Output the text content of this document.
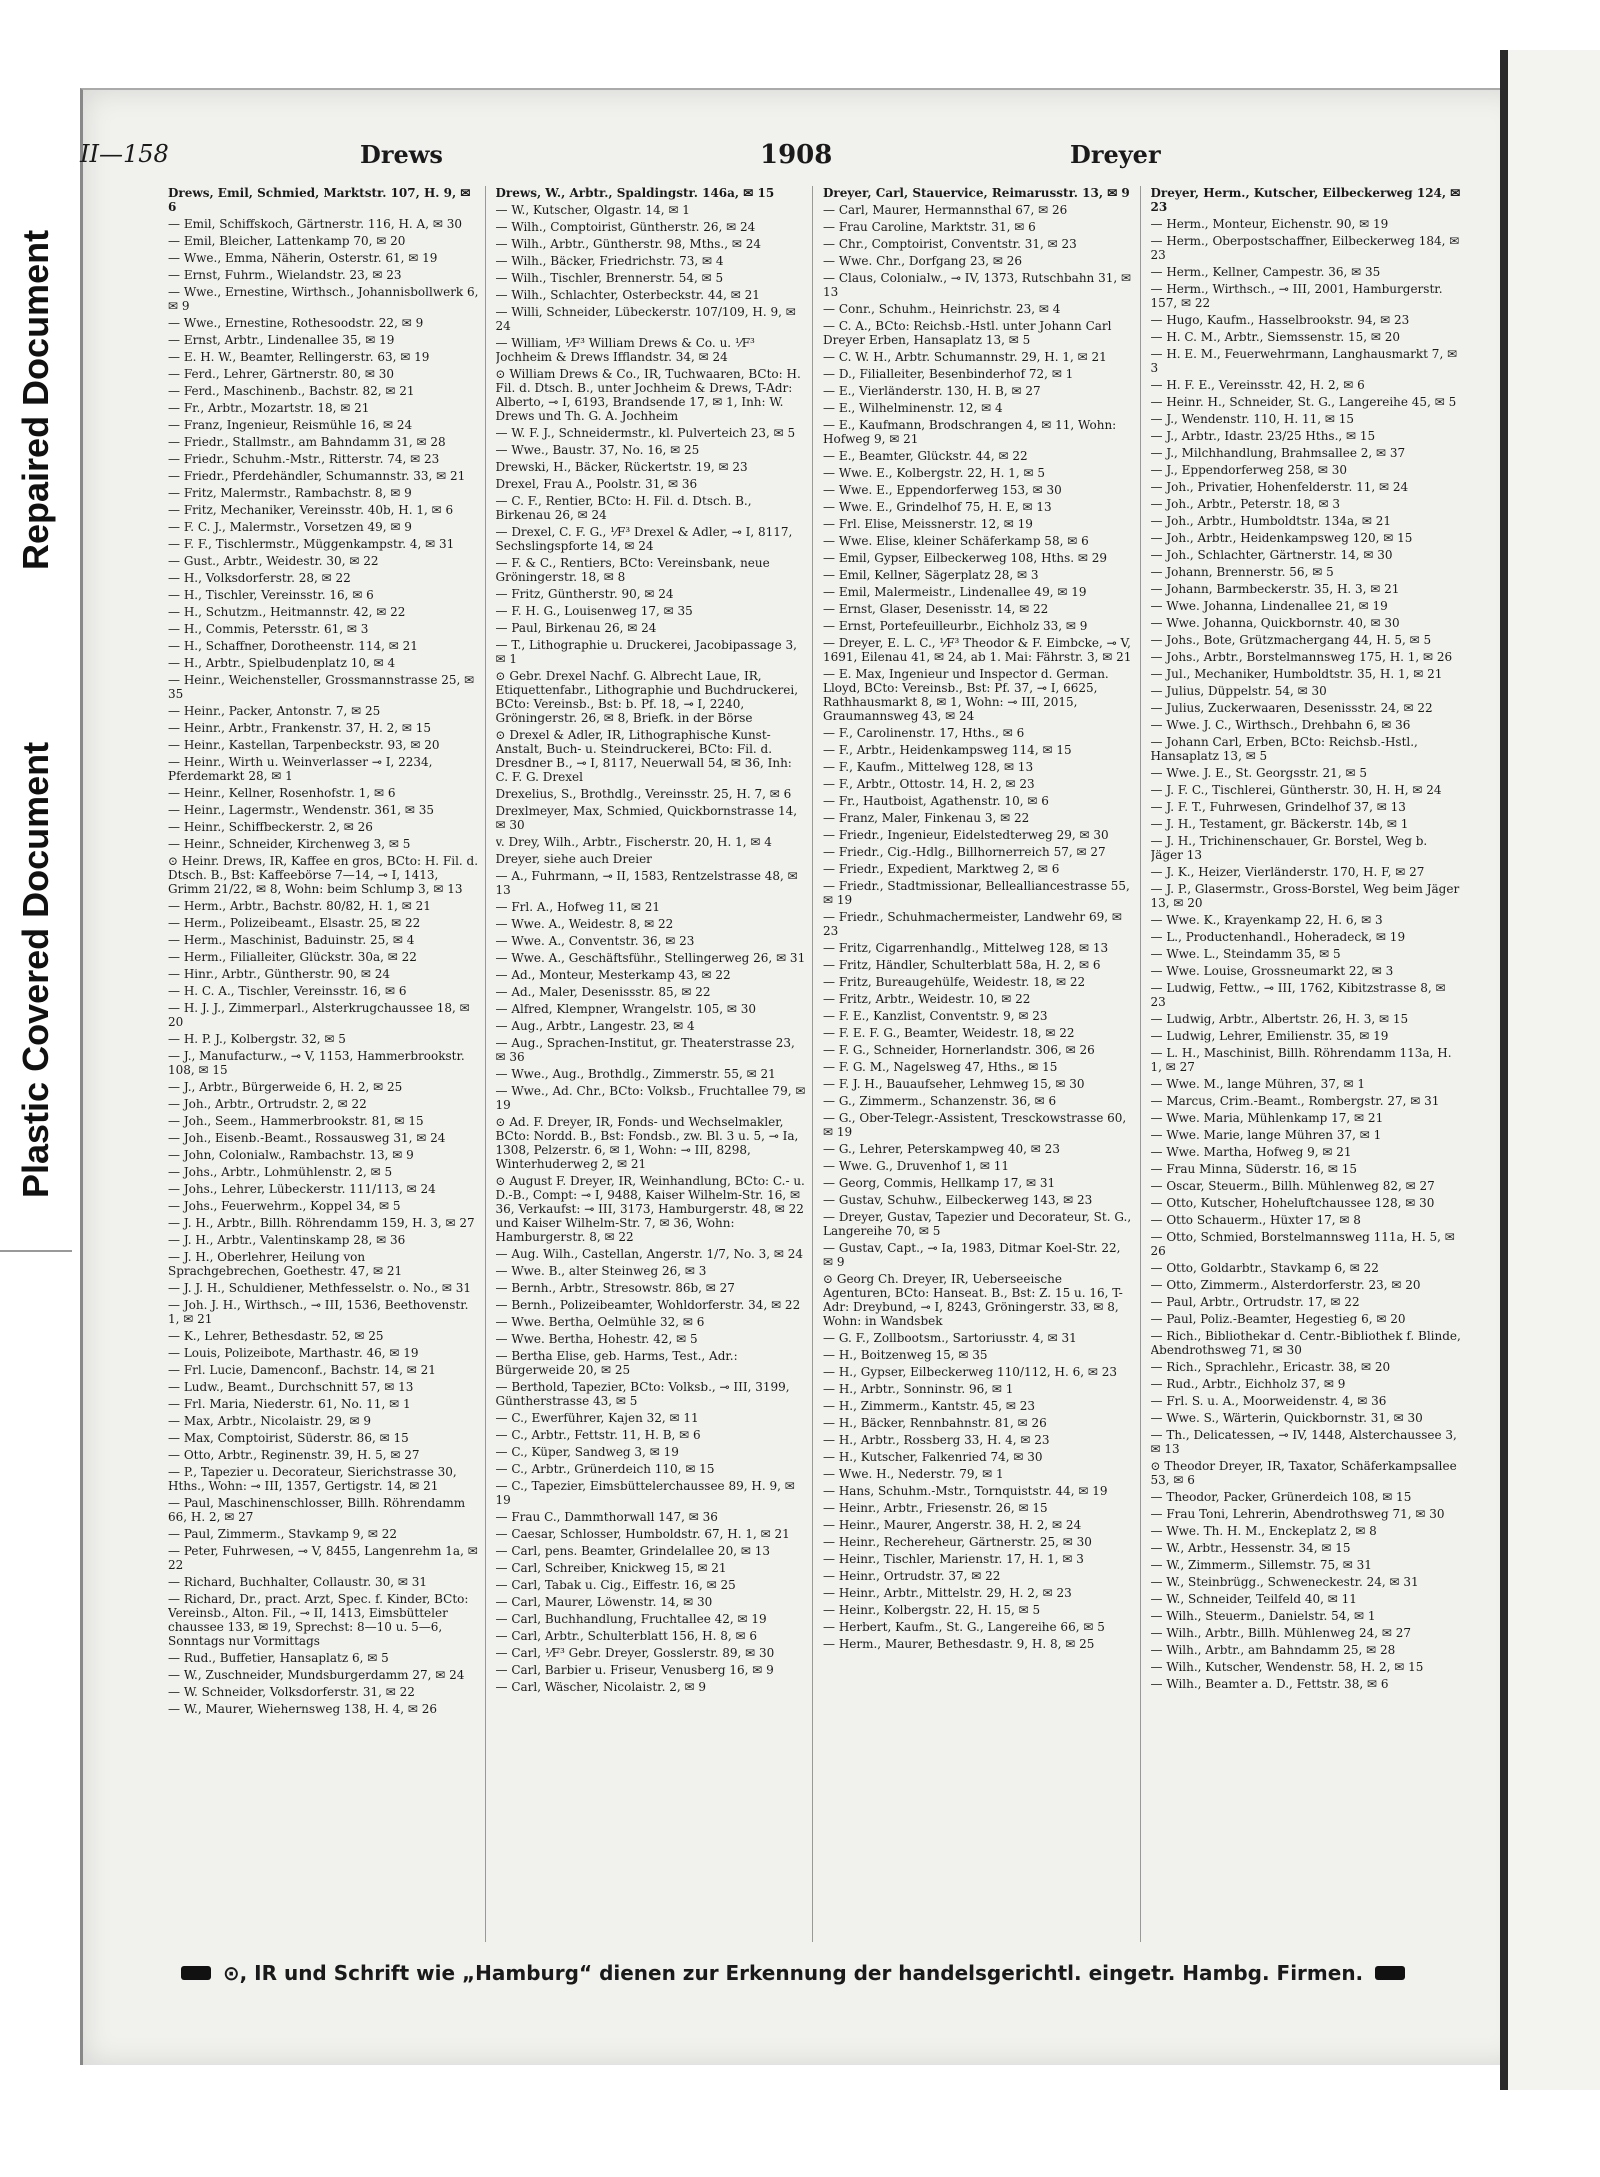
Repaired Document
Plastic Covered Document
II—158	Drews	1908	Dreyer
Drews, Emil, Schmied, Marktstr. 107, H. 9, ✉ 6
— Emil, Schiffskoch, Gärtnerstr. 116, H. A, ✉ 30
— Emil, Bleicher, Lattenkamp 70, ✉ 20
— Wwe., Emma, Näherin, Osterstr. 61, ✉ 19
— Ernst, Fuhrm., Wielandstr. 23, ✉ 23
— Wwe., Ernestine, Wirthsch., Johannisbollwerk 6, ✉ 9
— Wwe., Ernestine, Rothesoodstr. 22, ✉ 9
— Ernst, Arbtr., Lindenallee 35, ✉ 19
— E. H. W., Beamter, Rellingerstr. 63, ✉ 19
— Ferd., Lehrer, Gärtnerstr. 80, ✉ 30
— Ferd., Maschinenb., Bachstr. 82, ✉ 21
— Fr., Arbtr., Mozartstr. 18, ✉ 21
— Franz, Ingenieur, Reismühle 16, ✉ 24
— Friedr., Stallmstr., am Bahndamm 31, ✉ 28
— Friedr., Schuhm.-Mstr., Ritterstr. 74, ✉ 23
— Friedr., Pferdehändler, Schumannstr. 33, ✉ 21
— Fritz, Malermstr., Rambachstr. 8, ✉ 9
— Fritz, Mechaniker, Vereinsstr. 40b, H. 1, ✉ 6
— F. C. J., Malermstr., Vorsetzen 49, ✉ 9
— F. F., Tischlermstr., Müggenkampstr. 4, ✉ 31
— Gust., Arbtr., Weidestr. 30, ✉ 22
— H., Volksdorferstr. 28, ✉ 22
— H., Tischler, Vereinsstr. 16, ✉ 6
— H., Schutzm., Heitmannstr. 42, ✉ 22
— H., Commis, Petersstr. 61, ✉ 3
— H., Schaffner, Dorotheenstr. 114, ✉ 21
— H., Arbtr., Spielbudenplatz 10, ✉ 4
— Heinr., Weichensteller, Grossmannstrasse 25, ✉ 35
— Heinr., Packer, Antonstr. 7, ✉ 25
— Heinr., Arbtr., Frankenstr. 37, H. 2, ✉ 15
— Heinr., Kastellan, Tarpenbeckstr. 93, ✉ 20
— Heinr., Wirth u. Weinverlasser ⊸ I, 2234, Pferdemarkt 28, ✉ 1
— Heinr., Kellner, Rosenhofstr. 1, ✉ 6
— Heinr., Lagermstr., Wendenstr. 361, ✉ 35
— Heinr., Schiffbeckerstr. 2, ✉ 26
— Heinr., Schneider, Kirchenweg 3, ✉ 5
⊙ Heinr. Drews, IR, Kaffee en gros, BCto: H. Fil. d. Dtsch. B., Bst: Kaffeebörse 7—14, ⊸ I, 1413, Grimm 21/22, ✉ 8, Wohn: beim Schlump 3, ✉ 13
— Herm., Arbtr., Bachstr. 80/82, H. 1, ✉ 21
— Herm., Polizeibeamt., Elsastr. 25, ✉ 22
— Herm., Maschinist, Baduinstr. 25, ✉ 4
— Herm., Filialleiter, Glückstr. 30a, ✉ 22
— Hinr., Arbtr., Güntherstr. 90, ✉ 24
— H. C. A., Tischler, Vereinsstr. 16, ✉ 6
— H. J. J., Zimmerparl., Alsterkrugchaussee 18, ✉ 20
— H. P. J., Kolbergstr. 32, ✉ 5
— J., Manufacturw., ⊸ V, 1153, Hammerbrookstr. 108, ✉ 15
— J., Arbtr., Bürgerweide 6, H. 2, ✉ 25
— Joh., Arbtr., Ortrudstr. 2, ✉ 22
— Joh., Seem., Hammerbrookstr. 81, ✉ 15
— Joh., Eisenb.-Beamt., Rossausweg 31, ✉ 24
— John, Colonialw., Rambachstr. 13, ✉ 9
— Johs., Arbtr., Lohmühlenstr. 2, ✉ 5
— Johs., Lehrer, Lübeckerstr. 111/113, ✉ 24
— Johs., Feuerwehrm., Koppel 34, ✉ 5
— J. H., Arbtr., Billh. Röhrendamm 159, H. 3, ✉ 27
— J. H., Arbtr., Valentinskamp 28, ✉ 36
— J. H., Oberlehrer, Heilung von Sprachgebrechen, Goethestr. 47, ✉ 21
— J. J. H., Schuldiener, Methfesselstr. o. No., ✉ 31
— Joh. J. H., Wirthsch., ⊸ III, 1536, Beethovenstr. 1, ✉ 21
— K., Lehrer, Bethesdastr. 52, ✉ 25
— Louis, Polizeibote, Marthastr. 46, ✉ 19
— Frl. Lucie, Damenconf., Bachstr. 14, ✉ 21
— Ludw., Beamt., Durchschnitt 57, ✉ 13
— Frl. Maria, Niederstr. 61, No. 11, ✉ 1
— Max, Arbtr., Nicolaistr. 29, ✉ 9
— Max, Comptoirist, Süderstr. 86, ✉ 15
— Otto, Arbtr., Reginenstr. 39, H. 5, ✉ 27
— P., Tapezier u. Decorateur, Sierichstrasse 30, Hths., Wohn: ⊸ III, 1357, Gertigstr. 14, ✉ 21
— Paul, Maschinenschlosser, Billh. Röhrendamm 66, H. 2, ✉ 27
— Paul, Zimmerm., Stavkamp 9, ✉ 22
— Peter, Fuhrwesen, ⊸ V, 8455, Langenrehm 1a, ✉ 22
— Richard, Buchhalter, Collaustr. 30, ✉ 31
— Richard, Dr., pract. Arzt, Spec. f. Kinder, BCto: Vereinsb., Alton. Fil., ⊸ II, 1413, Eimsbütteler chaussee 133, ✉ 19, Sprechst: 8—10 u. 5—6, Sonntags nur Vormittags
— Rud., Buffetier, Hansaplatz 6, ✉ 5
— W., Zuschneider, Mundsburgerdamm 27, ✉ 24
— W. Schneider, Volksdorferstr. 31, ✉ 22
— W., Maurer, Wiehernsweg 138, H. 4, ✉ 26
Drews, W., Arbtr., Spaldingstr. 146a, ✉ 15
— W., Kutscher, Olgastr. 14, ✉ 1
— Wilh., Comptoirist, Güntherstr. 26, ✉ 24
— Wilh., Arbtr., Güntherstr. 98, Mths., ✉ 24
— Wilh., Bäcker, Friedrichstr. 73, ✉ 4
— Wilh., Tischler, Brennerstr. 54, ✉ 5
— Wilh., Schlachter, Osterbeckstr. 44, ✉ 21
— Willi, Schneider, Lübeckerstr. 107/109, H. 9, ✉ 24
— William, ⅟F³ William Drews & Co. u. ⅟F³ Jochheim & Drews Ifflandstr. 34, ✉ 24
⊙ William Drews & Co., IR, Tuchwaaren, BCto: H. Fil. d. Dtsch. B., unter Jochheim & Drews, T-Adr: Alberto, ⊸ I, 6193, Brandsende 17, ✉ 1, Inh: W. Drews und Th. G. A. Jochheim
— W. F. J., Schneidermstr., kl. Pulverteich 23, ✉ 5
— Wwe., Baustr. 37, No. 16, ✉ 25
Drewski, H., Bäcker, Rückertstr. 19, ✉ 23
Drexel, Frau A., Poolstr. 31, ✉ 36
— C. F., Rentier, BCto: H. Fil. d. Dtsch. B., Birkenau 26, ✉ 24
— Drexel, C. F. G., ⅟F³ Drexel & Adler, ⊸ I, 8117, Sechslingspforte 14, ✉ 24
— F. & C., Rentiers, BCto: Vereinsbank, neue Gröningerstr. 18, ✉ 8
— Fritz, Güntherstr. 90, ✉ 24
— F. H. G., Louisenweg 17, ✉ 35
— Paul, Birkenau 26, ✉ 24
— T., Lithographie u. Druckerei, Jacobipassage 3, ✉ 1
⊙ Gebr. Drexel Nachf. G. Albrecht Laue, IR, Etiquettenfabr., Lithographie und Buchdruckerei, BCto: Vereinsb., Bst: b. Pf. 18, ⊸ I, 2240, Gröningerstr. 26, ✉ 8, Briefk. in der Börse
⊙ Drexel & Adler, IR, Lithographische Kunst-Anstalt, Buch- u. Steindruckerei, BCto: Fil. d. Dresdner B., ⊸ I, 8117, Neuerwall 54, ✉ 36, Inh: C. F. G. Drexel
Drexelius, S., Brothdlg., Vereinsstr. 25, H. 7, ✉ 6
Drexlmeyer, Max, Schmied, Quickbornstrasse 14, ✉ 30
v. Drey, Wilh., Arbtr., Fischerstr. 20, H. 1, ✉ 4
Dreyer, siehe auch Dreier
— A., Fuhrmann, ⊸ II, 1583, Rentzelstrasse 48, ✉ 13
— Frl. A., Hofweg 11, ✉ 21
— Wwe. A., Weidestr. 8, ✉ 22
— Wwe. A., Conventstr. 36, ✉ 23
— Wwe. A., Geschäftsführ., Stellingerweg 26, ✉ 31
— Ad., Monteur, Mesterkamp 43, ✉ 22
— Ad., Maler, Desenissstr. 85, ✉ 22
— Alfred, Klempner, Wrangelstr. 105, ✉ 30
— Aug., Arbtr., Langestr. 23, ✉ 4
— Aug., Sprachen-Institut, gr. Theaterstrasse 23, ✉ 36
— Wwe., Aug., Brothdlg., Zimmerstr. 55, ✉ 21
— Wwe., Ad. Chr., BCto: Volksb., Fruchtallee 79, ✉ 19
⊙ Ad. F. Dreyer, IR, Fonds- und Wechselmakler, BCto: Nordd. B., Bst: Fondsb., zw. Bl. 3 u. 5, ⊸ Ia, 1308, Pelzerstr. 6, ✉ 1, Wohn: ⊸ III, 8298, Winterhuderweg 2, ✉ 21
⊙ August F. Dreyer, IR, Weinhandlung, BCto: C.- u. D.-B., Compt: ⊸ I, 9488, Kaiser Wilhelm-Str. 16, ✉ 36, Verkaufst: ⊸ III, 3173, Hamburgerstr. 48, ✉ 22 und Kaiser Wilhelm-Str. 7, ✉ 36, Wohn: Hamburgerstr. 8, ✉ 22
— Aug. Wilh., Castellan, Angerstr. 1/7, No. 3, ✉ 24
— Wwe. B., alter Steinweg 26, ✉ 3
— Bernh., Arbtr., Stresowstr. 86b, ✉ 27
— Bernh., Polizeibeamter, Wohldorferstr. 34, ✉ 22
— Wwe. Bertha, Oelmühle 32, ✉ 6
— Wwe. Bertha, Hohestr. 42, ✉ 5
— Bertha Elise, geb. Harms, Test., Adr.: Bürgerweide 20, ✉ 25
— Berthold, Tapezier, BCto: Volksb., ⊸ III, 3199, Güntherstrasse 43, ✉ 5
— C., Ewerführer, Kajen 32, ✉ 11
— C., Arbtr., Fettstr. 11, H. B, ✉ 6
— C., Küper, Sandweg 3, ✉ 19
— C., Arbtr., Grünerdeich 110, ✉ 15
— C., Tapezier, Eimsbüttelerchaussee 89, H. 9, ✉ 19
— Frau C., Dammthorwall 147, ✉ 36
— Caesar, Schlosser, Humboldstr. 67, H. 1, ✉ 21
— Carl, pens. Beamter, Grindelallee 20, ✉ 13
— Carl, Schreiber, Knickweg 15, ✉ 21
— Carl, Tabak u. Cig., Eiffestr. 16, ✉ 25
— Carl, Maurer, Löwenstr. 14, ✉ 30
— Carl, Buchhandlung, Fruchtallee 42, ✉ 19
— Carl, Arbtr., Schulterblatt 156, H. 8, ✉ 6
— Carl, ⅟F³ Gebr. Dreyer, Gosslerstr. 89, ✉ 30
— Carl, Barbier u. Friseur, Venusberg 16, ✉ 9
— Carl, Wäscher, Nicolaistr. 2, ✉ 9
Dreyer, Carl, Stauervice, Reimarusstr. 13, ✉ 9
— Carl, Maurer, Hermannsthal 67, ✉ 26
— Frau Caroline, Marktstr. 31, ✉ 6
— Chr., Comptoirist, Conventstr. 31, ✉ 23
— Wwe. Chr., Dorfgang 23, ✉ 26
— Claus, Colonialw., ⊸ IV, 1373, Rutschbahn 31, ✉ 13
— Conr., Schuhm., Heinrichstr. 23, ✉ 4
— C. A., BCto: Reichsb.-Hstl. unter Johann Carl Dreyer Erben, Hansaplatz 13, ✉ 5
— C. W. H., Arbtr. Schumannstr. 29, H. 1, ✉ 21
— D., Filialleiter, Besenbinderhof 72, ✉ 1
— E., Vierländerstr. 130, H. B, ✉ 27
— E., Wilhelminenstr. 12, ✉ 4
— E., Kaufmann, Brodschrangen 4, ✉ 11, Wohn: Hofweg 9, ✉ 21
— E., Beamter, Glückstr. 44, ✉ 22
— Wwe. E., Kolbergstr. 22, H. 1, ✉ 5
— Wwe. E., Eppendorferweg 153, ✉ 30
— Wwe. E., Grindelhof 75, H. E, ✉ 13
— Frl. Elise, Meissnerstr. 12, ✉ 19
— Wwe. Elise, kleiner Schäferkamp 58, ✉ 6
— Emil, Gypser, Eilbeckerweg 108, Hths. ✉ 29
— Emil, Kellner, Sägerplatz 28, ✉ 3
— Emil, Malermeistr., Lindenallee 49, ✉ 19
— Ernst, Glaser, Desenisstr. 14, ✉ 22
— Ernst, Portefeuilleurbr., Eichholz 33, ✉ 9
— Dreyer, E. L. C., ⅟F³ Theodor & F. Eimbcke, ⊸ V, 1691, Eilenau 41, ✉ 24, ab 1. Mai: Fährstr. 3, ✉ 21
— E. Max, Ingenieur und Inspector d. German. Lloyd, BCto: Vereinsb., Bst: Pf. 37, ⊸ I, 6625, Rathhausmarkt 8, ✉ 1, Wohn: ⊸ III, 2015, Graumannsweg 43, ✉ 24
— F., Carolinenstr. 17, Hths., ✉ 6
— F., Arbtr., Heidenkampsweg 114, ✉ 15
— F., Kaufm., Mittelweg 128, ✉ 13
— F., Arbtr., Ottostr. 14, H. 2, ✉ 23
— Fr., Hautboist, Agathenstr. 10, ✉ 6
— Franz, Maler, Finkenau 3, ✉ 22
— Friedr., Ingenieur, Eidelstedterweg 29, ✉ 30
— Friedr., Cig.-Hdlg., Billhornerreich 57, ✉ 27
— Friedr., Expedient, Marktweg 2, ✉ 6
— Friedr., Stadtmissionar, Bellealliancestrasse 55, ✉ 19
— Friedr., Schuhmachermeister, Landwehr 69, ✉ 23
— Fritz, Cigarrenhandlg., Mittelweg 128, ✉ 13
— Fritz, Händler, Schulterblatt 58a, H. 2, ✉ 6
— Fritz, Bureaugehülfe, Weidestr. 18, ✉ 22
— Fritz, Arbtr., Weidestr. 10, ✉ 22
— F. E., Kanzlist, Conventstr. 9, ✉ 23
— F. E. F. G., Beamter, Weidestr. 18, ✉ 22
— F. G., Schneider, Hornerlandstr. 306, ✉ 26
— F. G. M., Nagelsweg 47, Hths., ✉ 15
— F. J. H., Bauaufseher, Lehmweg 15, ✉ 30
— G., Zimmerm., Schanzenstr. 36, ✉ 6
— G., Ober-Telegr.-Assistent, Tresckowstrasse 60, ✉ 19
— G., Lehrer, Peterskampweg 40, ✉ 23
— Wwe. G., Druvenhof 1, ✉ 11
— Georg, Commis, Hellkamp 17, ✉ 31
— Gustav, Schuhw., Eilbeckerweg 143, ✉ 23
— Dreyer, Gustav, Tapezier und Decorateur, St. G., Langereihe 70, ✉ 5
— Gustav, Capt., ⊸ Ia, 1983, Ditmar Koel-Str. 22, ✉ 9
⊙ Georg Ch. Dreyer, IR, Ueberseeische Agenturen, BCto: Hanseat. B., Bst: Z. 15 u. 16, T-Adr: Dreybund, ⊸ I, 8243, Gröningerstr. 33, ✉ 8, Wohn: in Wandsbek
— G. F., Zollbootsm., Sartoriusstr. 4, ✉ 31
— H., Boitzenweg 15, ✉ 35
— H., Gypser, Eilbeckerweg 110/112, H. 6, ✉ 23
— H., Arbtr., Sonninstr. 96, ✉ 1
— H., Zimmerm., Kantstr. 45, ✉ 23
— H., Bäcker, Rennbahnstr. 81, ✉ 26
— H., Arbtr., Rossberg 33, H. 4, ✉ 23
— H., Kutscher, Falkenried 74, ✉ 30
— Wwe. H., Nederstr. 79, ✉ 1
— Hans, Schuhm.-Mstr., Tornquiststr. 44, ✉ 19
— Heinr., Arbtr., Friesenstr. 26, ✉ 15
— Heinr., Maurer, Angerstr. 38, H. 2, ✉ 24
— Heinr., Rechereheur, Gärtnerstr. 25, ✉ 30
— Heinr., Tischler, Marienstr. 17, H. 1, ✉ 3
— Heinr., Ortrudstr. 37, ✉ 22
— Heinr., Arbtr., Mittelstr. 29, H. 2, ✉ 23
— Heinr., Kolbergstr. 22, H. 15, ✉ 5
— Herbert, Kaufm., St. G., Langereihe 66, ✉ 5
— Herm., Maurer, Bethesdastr. 9, H. 8, ✉ 25
Dreyer, Herm., Kutscher, Eilbeckerweg 124, ✉ 23
— Herm., Monteur, Eichenstr. 90, ✉ 19
— Herm., Oberpostschaffner, Eilbeckerweg 184, ✉ 23
— Herm., Kellner, Campestr. 36, ✉ 35
— Herm., Wirthsch., ⊸ III, 2001, Hamburgerstr. 157, ✉ 22
— Hugo, Kaufm., Hasselbrookstr. 94, ✉ 23
— H. C. M., Arbtr., Siemssenstr. 15, ✉ 20
— H. E. M., Feuerwehrmann, Langhausmarkt 7, ✉ 3
— H. F. E., Vereinsstr. 42, H. 2, ✉ 6
— Heinr. H., Schneider, St. G., Langereihe 45, ✉ 5
— J., Wendenstr. 110, H. 11, ✉ 15
— J., Arbtr., Idastr. 23/25 Hths., ✉ 15
— J., Milchhandlung, Brahmsallee 2, ✉ 37
— J., Eppendorferweg 258, ✉ 30
— Joh., Privatier, Hohenfelderstr. 11, ✉ 24
— Joh., Arbtr., Peterstr. 18, ✉ 3
— Joh., Arbtr., Humboldtstr. 134a, ✉ 21
— Joh., Arbtr., Heidenkampsweg 120, ✉ 15
— Joh., Schlachter, Gärtnerstr. 14, ✉ 30
— Johann, Brennerstr. 56, ✉ 5
— Johann, Barmbeckerstr. 35, H. 3, ✉ 21
— Wwe. Johanna, Lindenallee 21, ✉ 19
— Wwe. Johanna, Quickbornstr. 40, ✉ 30
— Johs., Bote, Grützmachergang 44, H. 5, ✉ 5
— Johs., Arbtr., Borstelmannsweg 175, H. 1, ✉ 26
— Jul., Mechaniker, Humboldtstr. 35, H. 1, ✉ 21
— Julius, Düppelstr. 54, ✉ 30
— Julius, Zuckerwaaren, Desenissstr. 24, ✉ 22
— Wwe. J. C., Wirthsch., Drehbahn 6, ✉ 36
— Johann Carl, Erben, BCto: Reichsb.-Hstl., Hansaplatz 13, ✉ 5
— Wwe. J. E., St. Georgsstr. 21, ✉ 5
— J. F. C., Tischlerei, Güntherstr. 30, H. H, ✉ 24
— J. F. T., Fuhrwesen, Grindelhof 37, ✉ 13
— J. H., Testament, gr. Bäckerstr. 14b, ✉ 1
— J. H., Trichinenschauer, Gr. Borstel, Weg b. Jäger 13
— J. K., Heizer, Vierländerstr. 170, H. F, ✉ 27
— J. P., Glasermstr., Gross-Borstel, Weg beim Jäger 13, ✉ 20
— Wwe. K., Krayenkamp 22, H. 6, ✉ 3
— L., Productenhandl., Hoheradeck, ✉ 19
— Wwe. L., Steindamm 35, ✉ 5
— Wwe. Louise, Grossneumarkt 22, ✉ 3
— Ludwig, Fettw., ⊸ III, 1762, Kibitzstrasse 8, ✉ 23
— Ludwig, Arbtr., Albertstr. 26, H. 3, ✉ 15
— Ludwig, Lehrer, Emilienstr. 35, ✉ 19
— L. H., Maschinist, Billh. Röhrendamm 113a, H. 1, ✉ 27
— Wwe. M., lange Mühren, 37, ✉ 1
— Marcus, Crim.-Beamt., Rombergstr. 27, ✉ 31
— Wwe. Maria, Mühlenkamp 17, ✉ 21
— Wwe. Marie, lange Mühren 37, ✉ 1
— Wwe. Martha, Hofweg 9, ✉ 21
— Frau Minna, Süderstr. 16, ✉ 15
— Oscar, Steuerm., Billh. Mühlenweg 82, ✉ 27
— Otto, Kutscher, Hoheluftchaussee 128, ✉ 30
— Otto Schauerm., Hüxter 17, ✉ 8
— Otto, Schmied, Borstelmannsweg 111a, H. 5, ✉ 26
— Otto, Goldarbtr., Stavkamp 6, ✉ 22
— Otto, Zimmerm., Alsterdorferstr. 23, ✉ 20
— Paul, Arbtr., Ortrudstr. 17, ✉ 22
— Paul, Poliz.-Beamter, Hegestieg 6, ✉ 20
— Rich., Bibliothekar d. Centr.-Bibliothek f. Blinde, Abendrothsweg 71, ✉ 30
— Rich., Sprachlehr., Ericastr. 38, ✉ 20
— Rud., Arbtr., Eichholz 37, ✉ 9
— Frl. S. u. A., Moorweidenstr. 4, ✉ 36
— Wwe. S., Wärterin, Quickbornstr. 31, ✉ 30
— Th., Delicatessen, ⊸ IV, 1448, Alsterchaussee 3, ✉ 13
⊙ Theodor Dreyer, IR, Taxator, Schäferkampsallee 53, ✉ 6
— Theodor, Packer, Grünerdeich 108, ✉ 15
— Frau Toni, Lehrerin, Abendrothsweg 71, ✉ 30
— Wwe. Th. H. M., Enckeplatz 2, ✉ 8
— W., Arbtr., Hessenstr. 34, ✉ 15
— W., Zimmerm., Sillemstr. 75, ✉ 31
— W., Steinbrügg., Schweneckestr. 24, ✉ 31
— W., Schneider, Teilfeld 40, ✉ 11
— Wilh., Steuerm., Danielstr. 54, ✉ 1
— Wilh., Arbtr., Billh. Mühlenweg 24, ✉ 27
— Wilh., Arbtr., am Bahndamm 25, ✉ 28
— Wilh., Kutscher, Wendenstr. 58, H. 2, ✉ 15
— Wilh., Beamter a. D., Fettstr. 38, ✉ 6
⊙, IR und Schrift wie „Hamburg“ dienen zur Erkennung der handelsgerichtl. eingetr. Hambg. Firmen.
